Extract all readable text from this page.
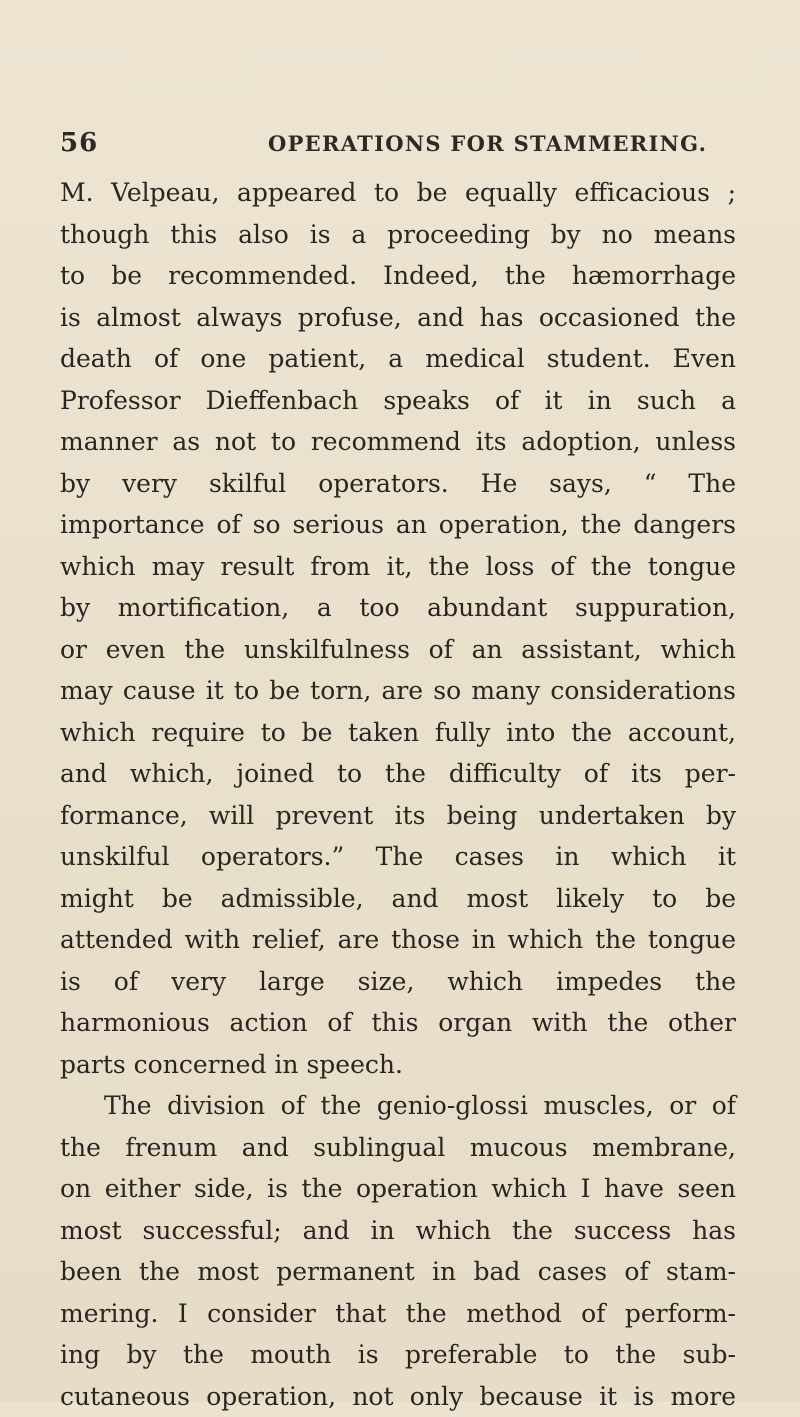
56	OPERATIONS FOR STAMMERING.
M. Velpeau, appeared to be equally efficacious ;
though this also is a proceeding by no means
to be recommended. Indeed, the hæmorrhage
is almost always profuse, and has occasioned the
death of one patient, a medical student. Even
Professor Dieffenbach speaks of it in such a
manner as not to recommend its adoption, unless
by very skilful operators. He says, “ The
importance of so serious an operation, the dangers
which may result from it, the loss of the tongue
by mortification, a too abundant suppuration,
or even the unskilfulness of an assistant, which
may cause it to be torn, are so many considerations
which require to be taken fully into the account,
and which, joined to the difficulty of its per-
formance, will prevent its being undertaken by
unskilful operators.” The cases in which it
might be admissible, and most likely to be
attended with relief, are those in which the tongue
is of very large size, which impedes the
harmonious action of this organ with the other
parts concerned in speech.
The division of the genio-glossi muscles, or of
the frenum and sublingual mucous membrane,
on either side, is the operation which I have seen
most successful; and in which the success has
been the most permanent in bad cases of stam-
mering. I consider that the method of perform-
ing by the mouth is preferable to the sub-
cutaneous operation, not only because it is more
